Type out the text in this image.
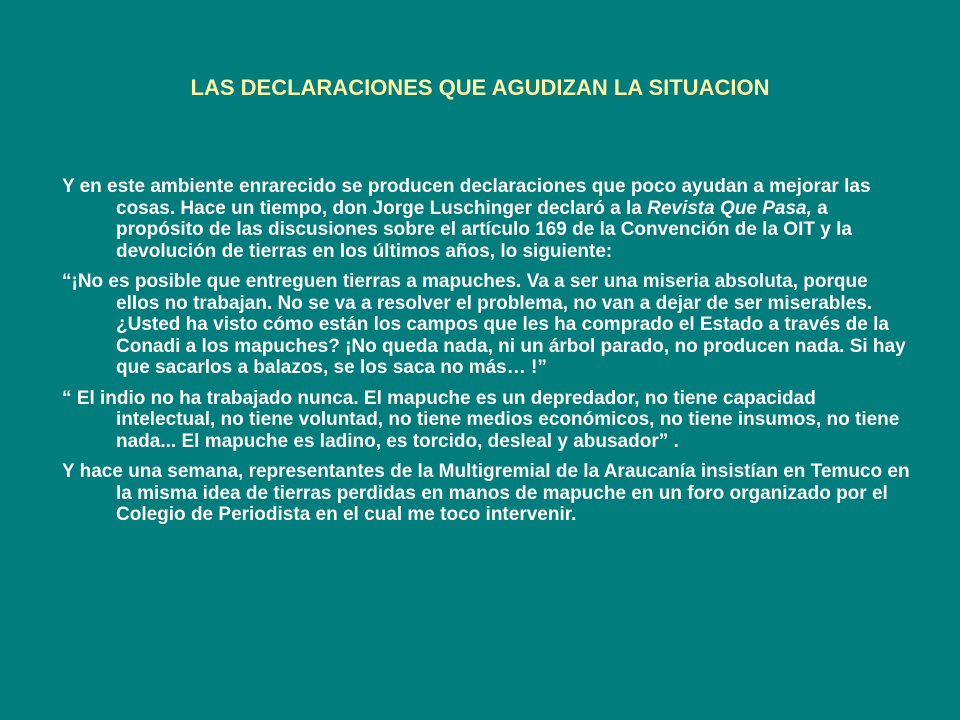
LAS DECLARACIONES QUE AGUDIZAN LA SITUACION

Y en este ambiente enrarecido se producen declaraciones que poco ayudan a mejorar las cosas. Hace un tiempo, don Jorge Luschinger declaró a la Revista Que Pasa, a propósito de las discusiones sobre el artículo 169 de la Convención de la OIT y la devolución de tierras en los últimos años, lo siguiente:

“¡No es posible que entreguen tierras a mapuches. Va a ser una miseria absoluta, porque ellos no trabajan. No se va a resolver el problema, no van a dejar de ser miserables. ¿Usted ha visto cómo están los campos que les ha comprado el Estado a través de la Conadi a los mapuches? ¡No queda nada, ni un árbol parado, no producen nada. Si hay que sacarlos a balazos, se los saca no más… !”

“ El indio no ha trabajado nunca. El mapuche es un depredador, no tiene capacidad intelectual, no tiene voluntad, no tiene medios económicos, no tiene insumos, no tiene nada... El mapuche es ladino, es torcido, desleal y abusador” .

Y hace una semana, representantes de la Multigremial de la Araucanía insistían en Temuco en la misma idea de tierras perdidas en manos de mapuche en un foro organizado por el Colegio de Periodista en el cual me toco intervenir.
